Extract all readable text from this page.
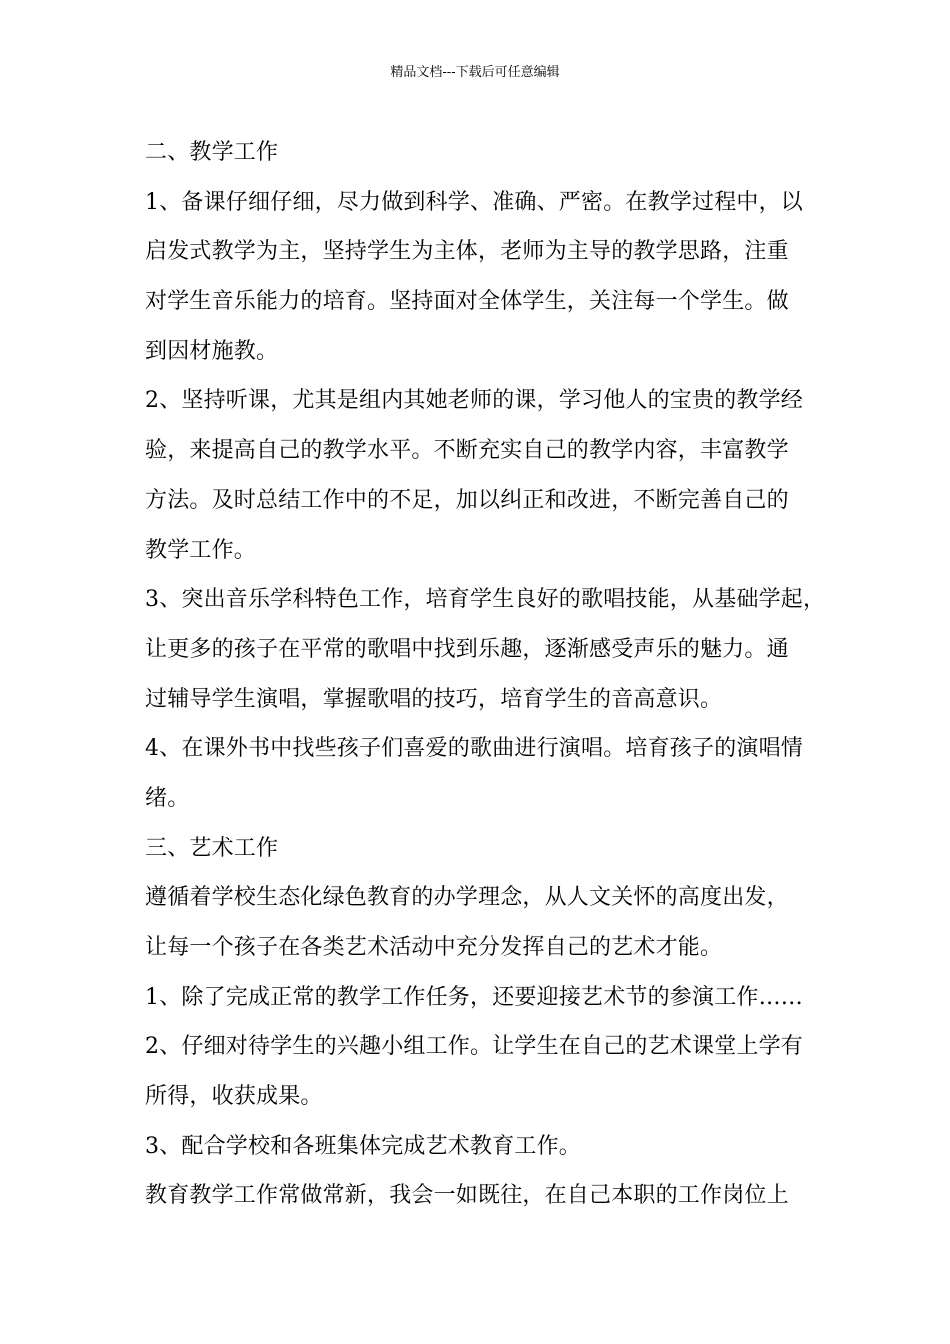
精品文档---下载后可任意编辑
二、教学工作
1、备课仔细仔细，尽力做到科学、准确、严密。在教学过程中，以
启发式教学为主，坚持学生为主体，老师为主导的教学思路，注重
对学生音乐能力的培育。坚持面对全体学生，关注每一个学生。做
到因材施教。
2、坚持听课，尤其是组内其她老师的课，学习他人的宝贵的教学经
验，来提高自己的教学水平。不断充实自己的教学内容，丰富教学
方法。及时总结工作中的不足，加以纠正和改进，不断完善自己的
教学工作。
3、突出音乐学科特色工作，培育学生良好的歌唱技能，从基础学起，
让更多的孩子在平常的歌唱中找到乐趣，逐渐感受声乐的魅力。通
过辅导学生演唱，掌握歌唱的技巧，培育学生的音高意识。
4、在课外书中找些孩子们喜爱的歌曲进行演唱。培育孩子的演唱情
绪。
三、艺术工作
遵循着学校生态化绿色教育的办学理念，从人文关怀的高度出发，
让每一个孩子在各类艺术活动中充分发挥自己的艺术才能。
1、除了完成正常的教学工作任务，还要迎接艺术节的参演工作……
2、仔细对待学生的兴趣小组工作。让学生在自己的艺术课堂上学有
所得，收获成果。
3、配合学校和各班集体完成艺术教育工作。
教育教学工作常做常新，我会一如既往，在自己本职的工作岗位上
